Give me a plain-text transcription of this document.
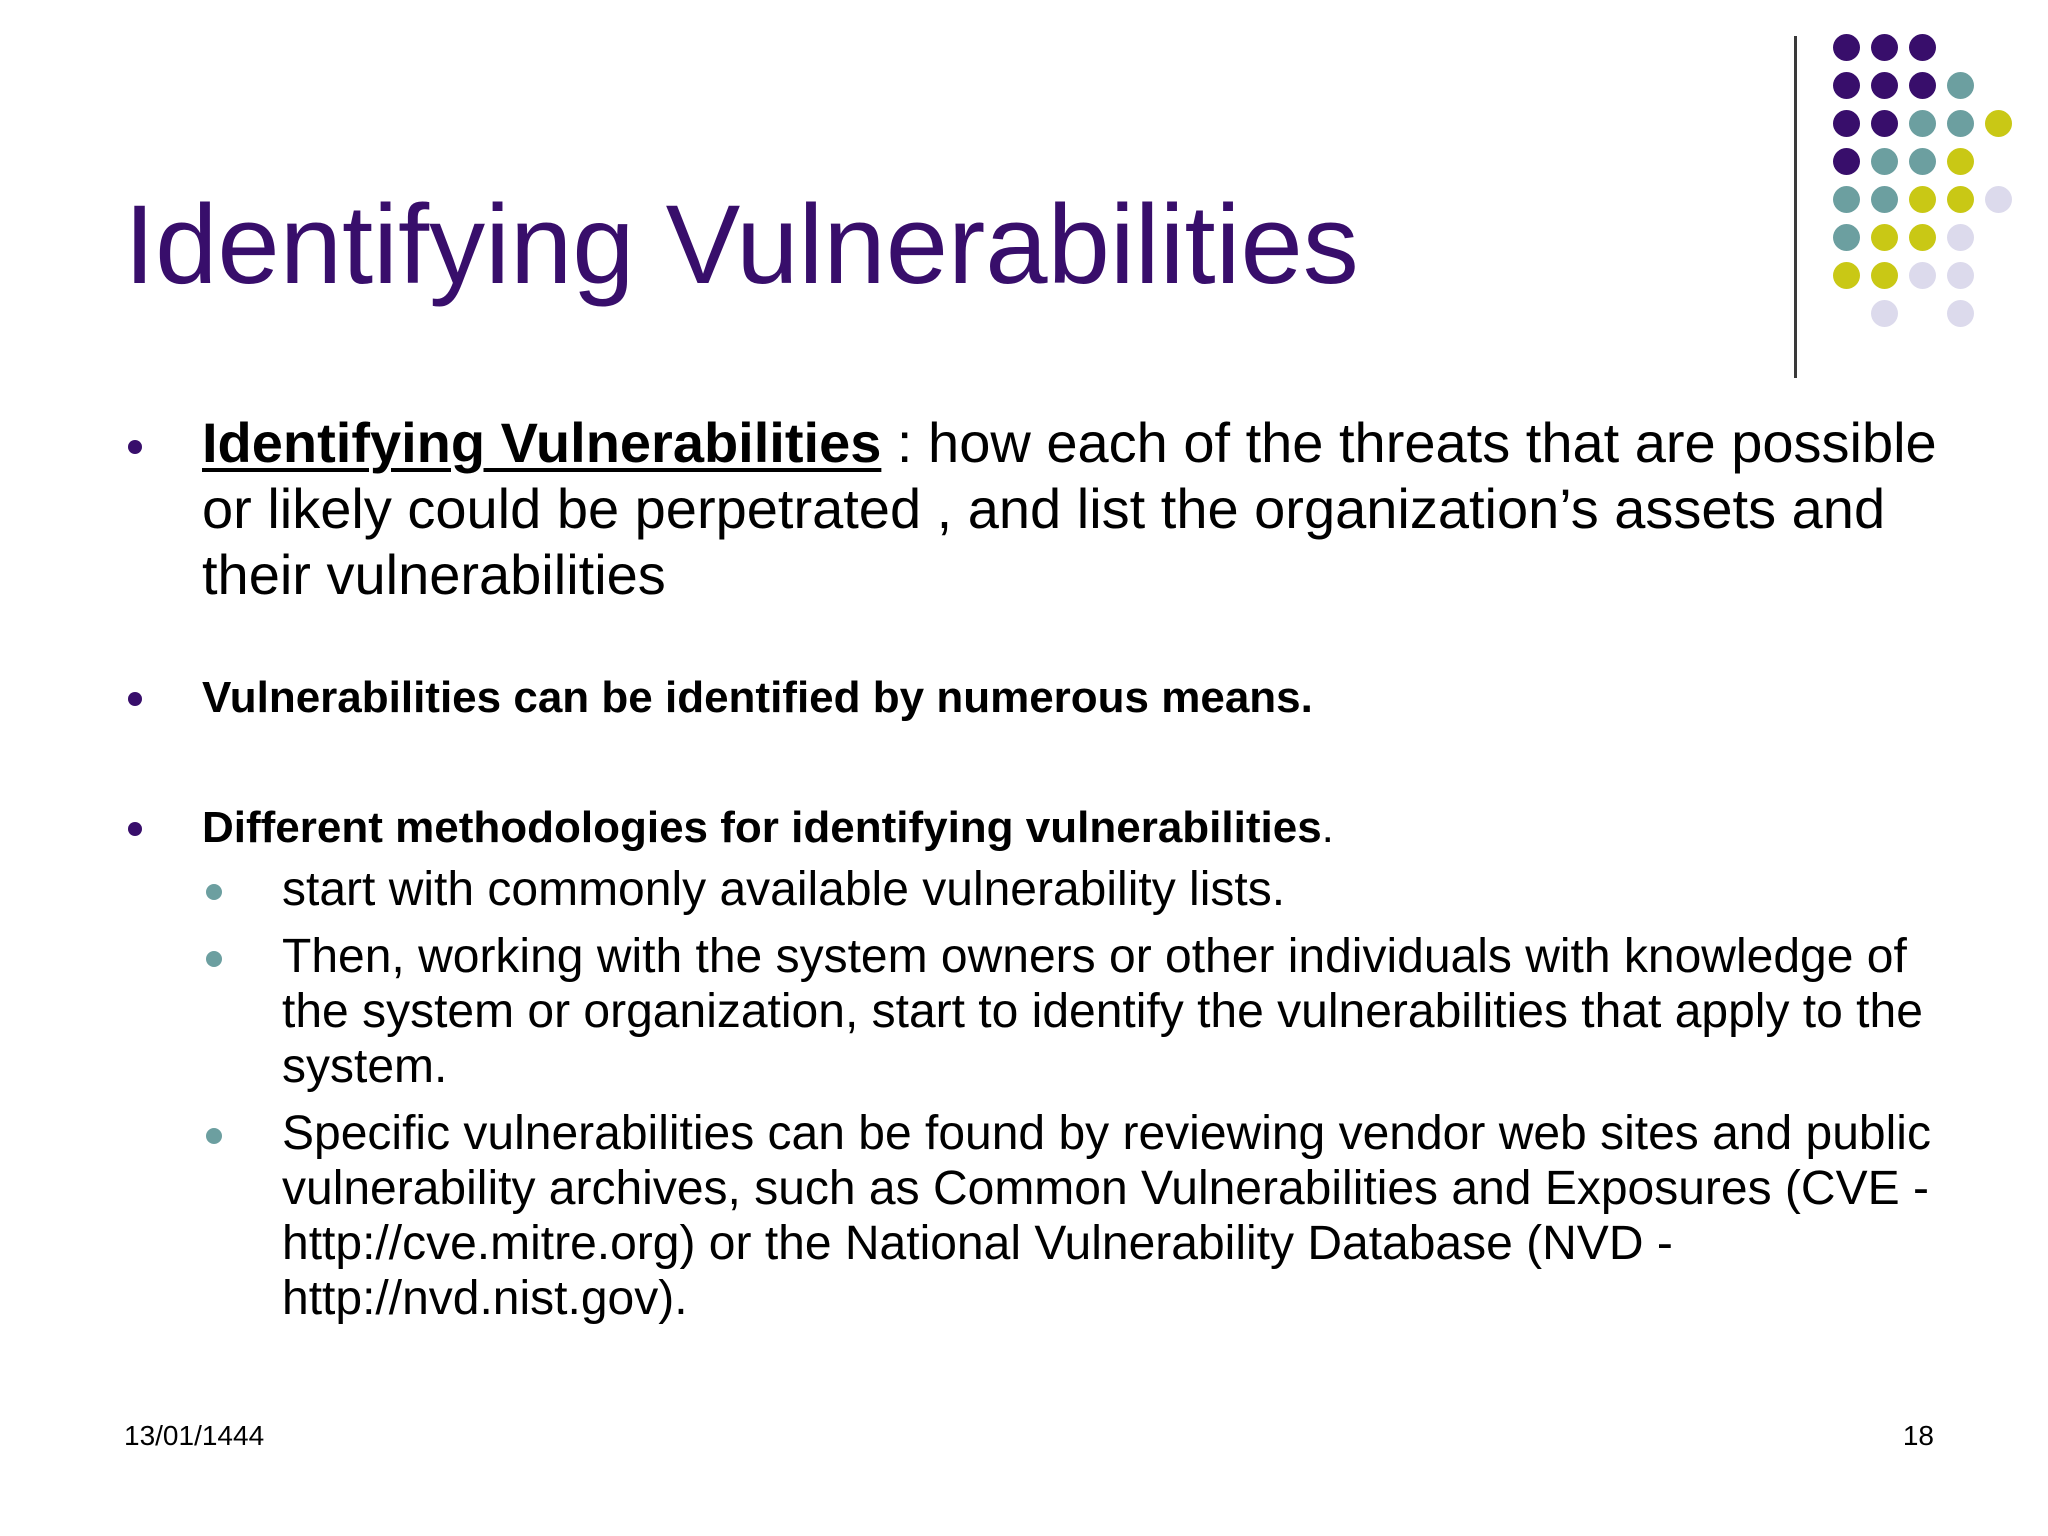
Identifying Vulnerabilities
Identifying Vulnerabilities : how each of the threats that are possible or likely could be perpetrated , and list the organization’s assets and their vulnerabilities
Vulnerabilities can be identified by numerous means.
Different methodologies for identifying vulnerabilities.
start with commonly available vulnerability lists.
Then, working with the system owners or other individuals with knowledge of the system or organization, start to identify the vulnerabilities that apply to the system.
Specific vulnerabilities can be found by reviewing vendor web sites and public vulnerability archives, such as Common Vulnerabilities and Exposures (CVE - http://cve.mitre.org) or the National Vulnerability Database (NVD - http://nvd.nist.gov).
13/01/1444	18
